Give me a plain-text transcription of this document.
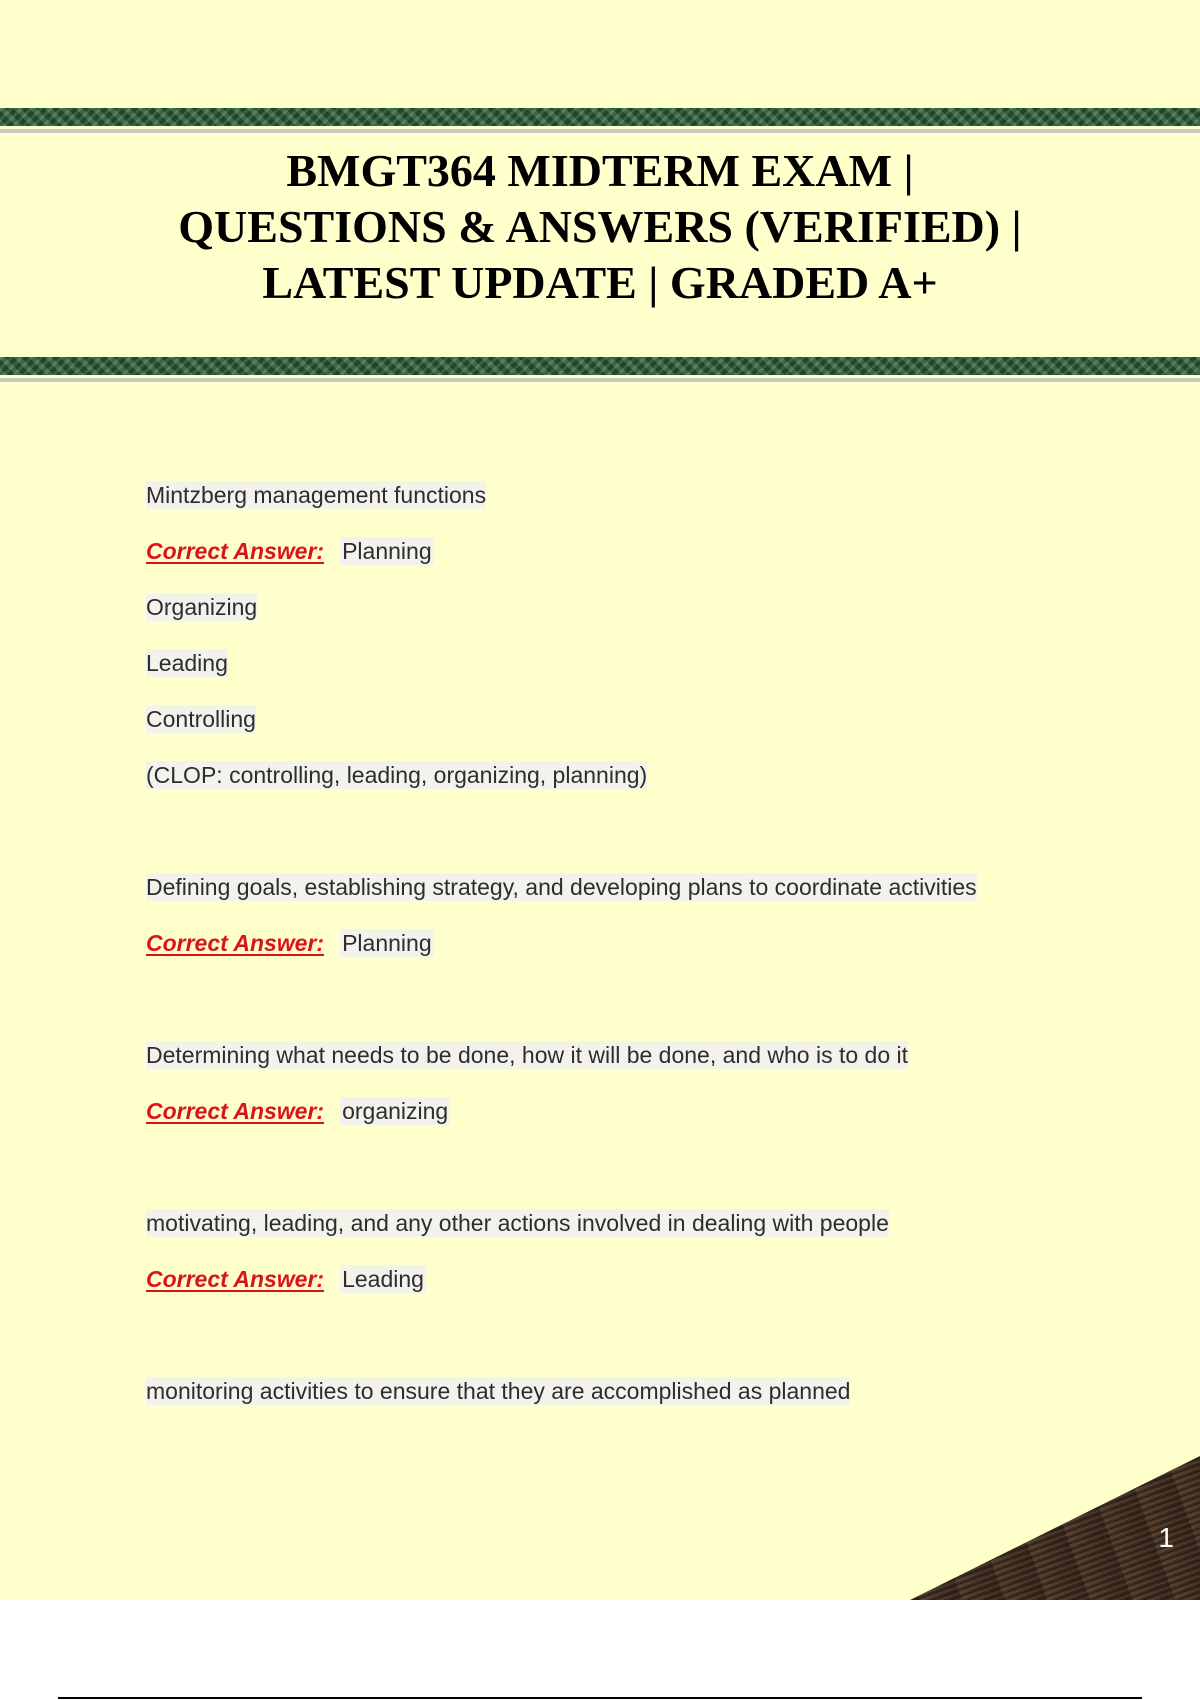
BMGT364 MIDTERM EXAM |
QUESTIONS & ANSWERS (VERIFIED) |
LATEST UPDATE | GRADED A+
Mintzberg management functions
Correct Answer: Planning
Organizing
Leading
Controlling
(CLOP: controlling, leading, organizing, planning)
Defining goals, establishing strategy, and developing plans to coordinate activities
Correct Answer: Planning
Determining what needs to be done, how it will be done, and who is to do it
Correct Answer: organizing
motivating, leading, and any other actions involved in dealing with people
Correct Answer: Leading
monitoring activities to ensure that they are accomplished as planned
1
